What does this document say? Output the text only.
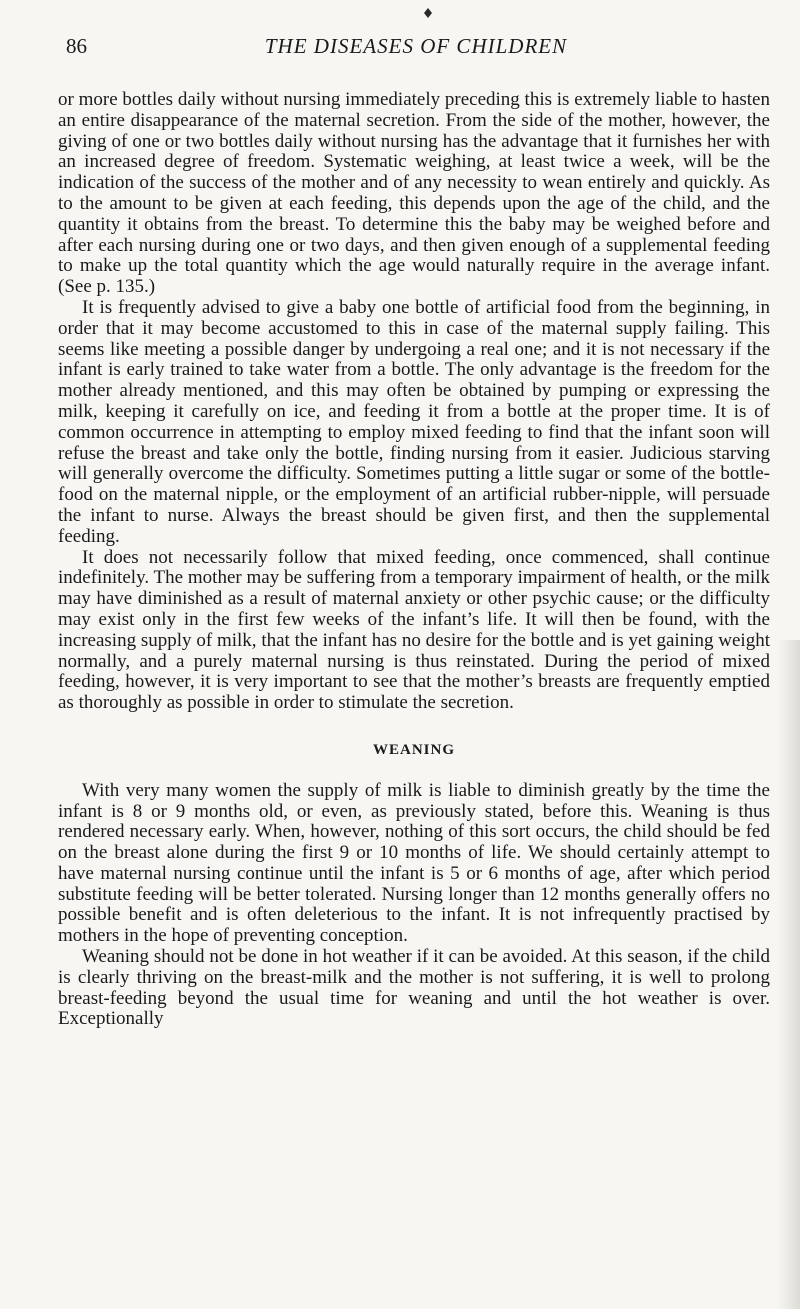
86	THE DISEASES OF CHILDREN

or more bottles daily without nursing immediately preceding this is extremely liable to hasten an entire disappearance of the maternal secretion. From the side of the mother, however, the giving of one or two bottles daily without nursing has the advantage that it furnishes her with an increased degree of freedom. Systematic weighing, at least twice a week, will be the indication of the success of the mother and of any necessity to wean entirely and quickly. As to the amount to be given at each feeding, this depends upon the age of the child, and the quantity it obtains from the breast. To determine this the baby may be weighed before and after each nursing during one or two days, and then given enough of a supplemental feeding to make up the total quantity which the age would naturally require in the average infant. (See p. 135.)

It is frequently advised to give a baby one bottle of artificial food from the beginning, in order that it may become accustomed to this in case of the maternal supply failing. This seems like meeting a possible danger by undergoing a real one; and it is not necessary if the infant is early trained to take water from a bottle. The only advantage is the freedom for the mother already mentioned, and this may often be obtained by pumping or expressing the milk, keeping it carefully on ice, and feeding it from a bottle at the proper time. It is of common occurrence in attempting to employ mixed feeding to find that the infant soon will refuse the breast and take only the bottle, finding nursing from it easier. Judicious starving will generally overcome the difficulty. Sometimes putting a little sugar or some of the bottle-food on the maternal nipple, or the employment of an artificial rubber-nipple, will persuade the infant to nurse. Always the breast should be given first, and then the supplemental feeding.

It does not necessarily follow that mixed feeding, once commenced, shall continue indefinitely. The mother may be suffering from a temporary impairment of health, or the milk may have diminished as a result of maternal anxiety or other psychic cause; or the difficulty may exist only in the first few weeks of the infant’s life. It will then be found, with the increasing supply of milk, that the infant has no desire for the bottle and is yet gaining weight normally, and a purely maternal nursing is thus reinstated. During the period of mixed feeding, however, it is very important to see that the mother’s breasts are frequently emptied as thoroughly as possible in order to stimulate the secretion.

WEANING

With very many women the supply of milk is liable to diminish greatly by the time the infant is 8 or 9 months old, or even, as previously stated, before this. Weaning is thus rendered necessary early. When, however, nothing of this sort occurs, the child should be fed on the breast alone during the first 9 or 10 months of life. We should certainly attempt to have maternal nursing continue until the infant is 5 or 6 months of age, after which period substitute feeding will be better tolerated. Nursing longer than 12 months generally offers no possible benefit and is often deleterious to the infant. It is not infrequently practised by mothers in the hope of preventing conception.

Weaning should not be done in hot weather if it can be avoided. At this season, if the child is clearly thriving on the breast-milk and the mother is not suffering, it is well to prolong breast-feeding beyond the usual time for weaning and until the hot weather is over. Exceptionally
